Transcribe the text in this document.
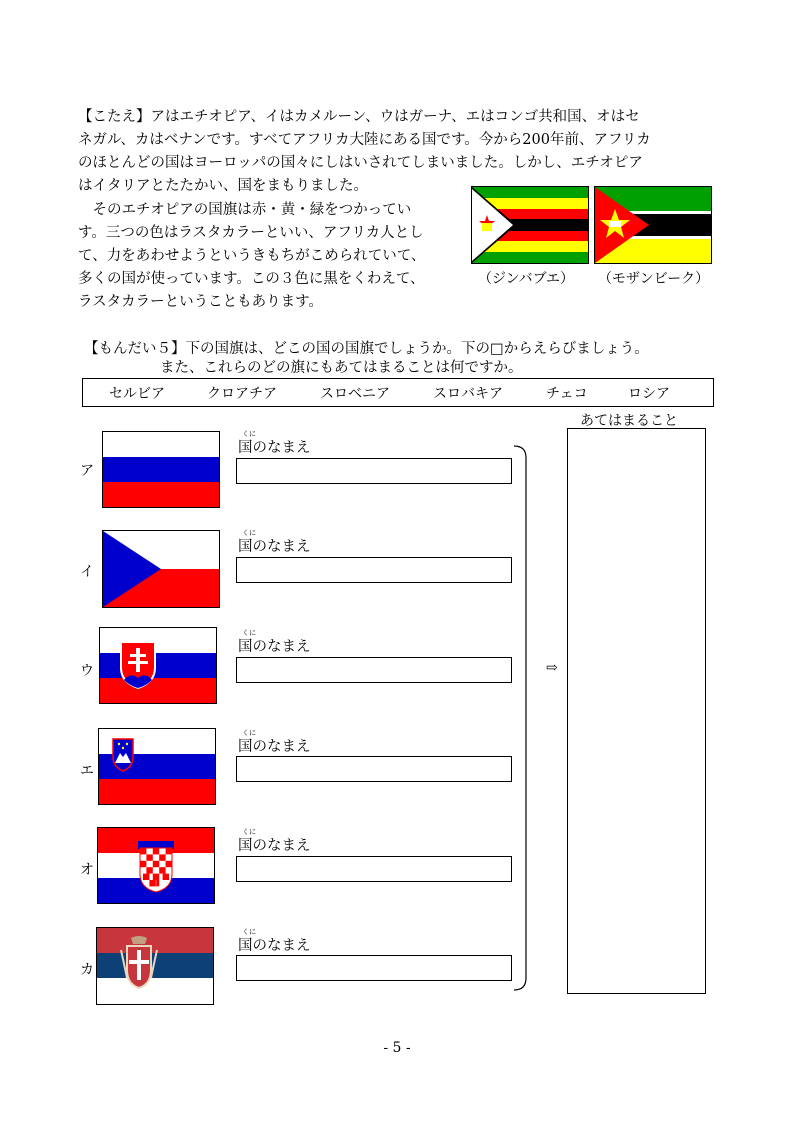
【こたえ】アはエチオピア、イはカメルーン、ウはガーナ、エはコンゴ共和国、オはセ
ネガル、カはベナンです。すべてアフリカ大陸にある国です。今から200年前、アフリカ
のほとんどの国はヨーロッパの国々にしはいされてしまいました。しかし、エチオピア
はイタリアとたたかい、国をまもりました。
　そのエチオピアの国旗は赤・黄・緑をつかってい
す。三つの色はラスタカラーといい、アフリカ人とし
て、力をあわせようというきもちがこめられていて、
多くの国が使っています。この３色に黒をくわえて、
ラスタカラーということもあります。
（ジンバブエ） （モザンビーク）
【もんだい５】下の国旗は、どこの国の国旗でしょうか。下の□からえらびましょう。
また、これらのどの旗にもあてはまることは何ですか。
セルビア	クロアチア	スロベニア	スロバキア	チェコ	ロシア
あてはまること
⇨
ア
くに
国のなまえ
イ
くに
国のなまえ
ウ
くに
国のなまえ
エ
くに
国のなまえ
オ
くに
国のなまえ
カ
くに
国のなまえ
- 5 -
